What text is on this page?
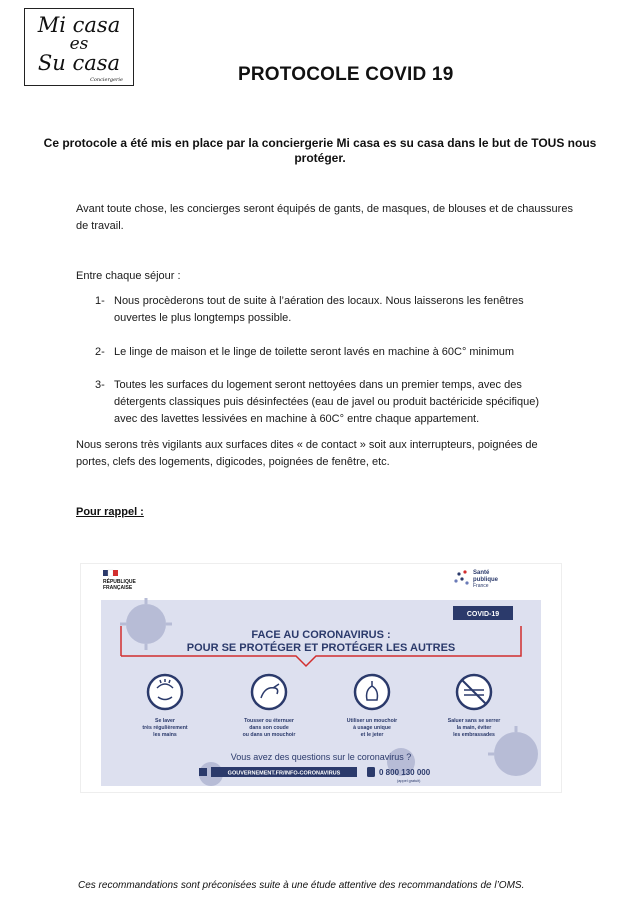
Mi casa
es
Su casa
Conciergerie	PROTOCOLE COVID 19
Ce protocole a été mis en place par la conciergerie Mi casa es su casa dans le but de TOUS nous protéger.
Avant toute chose, les concierges seront équipés de gants, de masques, de blouses et de chaussures de travail.
Entre chaque séjour :
1- Nous procèderons tout de suite à l’aération des locaux. Nous laisserons les fenêtres ouvertes le plus longtemps possible.
2- Le linge de maison et le linge de toilette seront lavés en machine à 60C° minimum
3- Toutes les surfaces du logement seront nettoyées dans un premier temps, avec des détergents classiques puis désinfectées (eau de javel ou produit bactéricide spécifique) avec des lavettes lessivées en machine à 60C° entre chaque appartement.
Nous serons très vigilants aux surfaces dites « de contact » soit aux interrupteurs, poignées de portes, clefs des logements, digicodes, poignées de fenêtre, etc.
Pour rappel :
RÉPUBLIQUE
FRANÇAISE
Santé
publique
France
COVID-19
FACE AU CORONAVIRUS :
POUR SE PROTÉGER ET PROTÉGER LES AUTRES
Se laver
très régulièrement
les mains
Tousser ou éternuer
dans son coude
ou dans un mouchoir
Utiliser un mouchoir
à usage unique
et le jeter
Saluer sans se serrer
la main, éviter
les embrassades
Vous avez des questions sur le coronavirus ?
GOUVERNEMENT.FR/INFO-CORONAVIRUS	0 800 130 000
(appel gratuit)
Ces recommandations sont préconisées suite à une étude attentive des recommandations de l’OMS.
